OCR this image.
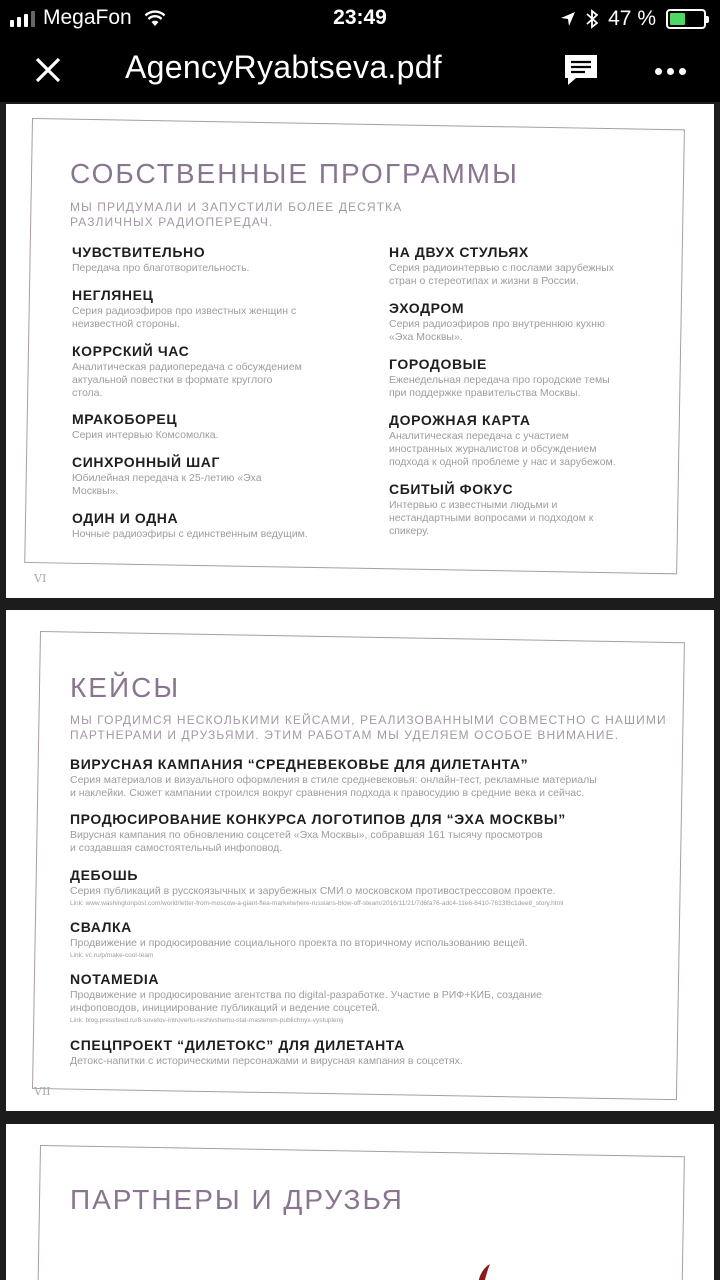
MegaFon	23:49	47 %
AgencyRyabtseva.pdf
СОБСТВЕННЫЕ ПРОГРАММЫ
МЫ ПРИДУМАЛИ И ЗАПУСТИЛИ БОЛЕЕ ДЕСЯТКА
РАЗЛИЧНЫХ РАДИОПЕРЕДАЧ.
ЧУВСТВИТЕЛЬНО
Передача про благотворительность.
НЕГЛЯНЕЦ
Серия радиоэфиров про известных женщин с
неизвестной стороны.
КОРРСКИЙ ЧАС
Аналитическая радиопередача с обсуждением
актуальной повестки в формате круглого
стола.
МРАКОБОРЕЦ
Серия интервью Комсомолка.
СИНХРОННЫЙ ШАГ
Юбилейная передача к 25-летию «Эха
Москвы».
ОДИН И ОДНА
Ночные радиоэфиры с единственным ведущим.
НА ДВУХ СТУЛЬЯХ
Серия радиоинтервью с послами зарубежных
стран о стереотипах и жизни в России.
ЭХОДРОМ
Серия радиоэфиров про внутреннюю кухню
«Эха Москвы».
ГОРОДОВЫЕ
Еженедельная передача про городские темы
при поддержке правительства Москвы.
ДОРОЖНАЯ КАРТА
Аналитическая передача с участием
иностранных журналистов и обсуждением
подхода к одной проблеме у нас и зарубежом.
СБИТЫЙ ФОКУС
Интервью с известными людьми и
нестандартными вопросами и подходом к
спикеру.
VI
КЕЙСЫ
МЫ ГОРДИМСЯ НЕСКОЛЬКИМИ КЕЙСАМИ, РЕАЛИЗОВАННЫМИ СОВМЕСТНО С НАШИМИ
ПАРТНЕРАМИ И ДРУЗЬЯМИ. ЭТИМ РАБОТАМ МЫ УДЕЛЯЕМ ОСОБОЕ ВНИМАНИЕ.
ВИРУСНАЯ КАМПАНИЯ “СРЕДНЕВЕКОВЬЕ ДЛЯ ДИЛЕТАНТА”
Серия материалов и визуального оформления в стиле средневековья: онлайн-тест, рекламные материалы
и наклейки. Сюжет кампании строился вокруг сравнения подхода к правосудию в средние века и сейчас.
ПРОДЮСИРОВАНИЕ КОНКУРСА ЛОГОТИПОВ ДЛЯ “ЭХА МОСКВЫ”
Вирусная кампания по обновлению соцсетей «Эха Москвы», собравшая 161 тысячу просмотров
и создавшая самостоятельный инфоповод.
ДЕБОШЬ
Серия публикаций в русскоязычных и зарубежных СМИ о московском противострессовом проекте.
Link: www.washingtonpost.com/world/letter-from-moscow-a-giant-flea-marketwhere-russians-blow-off-steam/2016/11/21/7d6fa76-adc4-11e6-8410-7613f8c1dee8_story.html
СВАЛКА
Продвижение и продюсирование социального проекта по вторичному использованию вещей.
Link: vc.ru/p/make-cool-team
NOTAMEDIA
Продвижение и продюсирование агентства по digital-разработке. Участие в РИФ+КИБ, создание
инфоповодов, инициирование публикаций и ведение соцсетей.
Link: blog.pressfeed.ru/8-sovetov-introvertu-reshivshemu-stat-masterom-publichnyx-vystuplenij
СПЕЦПРОЕКТ “ДИЛЕТОКС” ДЛЯ ДИЛЕТАНТА
Детокс-напитки с историческими персонажами и вирусная кампания в соцсетях.
VII
ПАРТНЕРЫ И ДРУЗЬЯ
